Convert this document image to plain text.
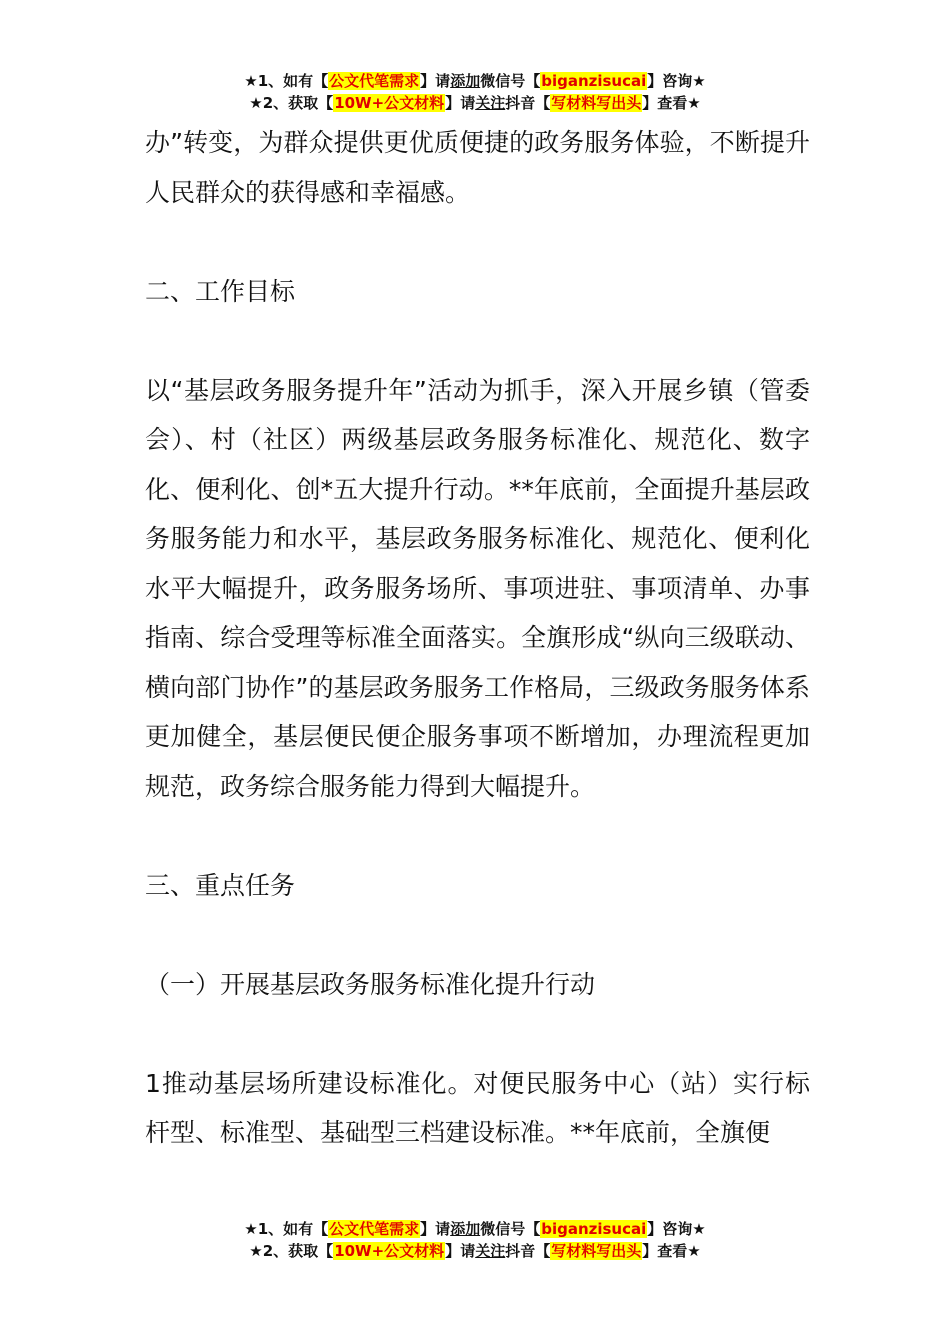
★1、如有【公文代笔需求】请添加微信号【biganzisucai】咨询★
★2、获取【10W+公文材料】请关注抖音【写材料写出头】查看★

办”转变，为群众提供更优质便捷的政务服务体验，不断提升人民群众的获得感和幸福感。

二、工作目标

以“基层政务服务提升年”活动为抓手，深入开展乡镇（管委会）、村（社区）两级基层政务服务标准化、规范化、数字化、便利化、创*五大提升行动。**年底前，全面提升基层政务服务能力和水平，基层政务服务标准化、规范化、便利化水平大幅提升，政务服务场所、事项进驻、事项清单、办事指南、综合受理等标准全面落实。全旗形成“纵向三级联动、横向部门协作”的基层政务服务工作格局，三级政务服务体系更加健全，基层便民便企服务事项不断增加，办理流程更加规范，政务综合服务能力得到大幅提升。

三、重点任务

（一）开展基层政务服务标准化提升行动

1推动基层场所建设标准化。对便民服务中心（站）实行标杆型、标准型、基础型三档建设标准。**年底前，全旗便

★1、如有【公文代笔需求】请添加微信号【biganzisucai】咨询★
★2、获取【10W+公文材料】请关注抖音【写材料写出头】查看★
